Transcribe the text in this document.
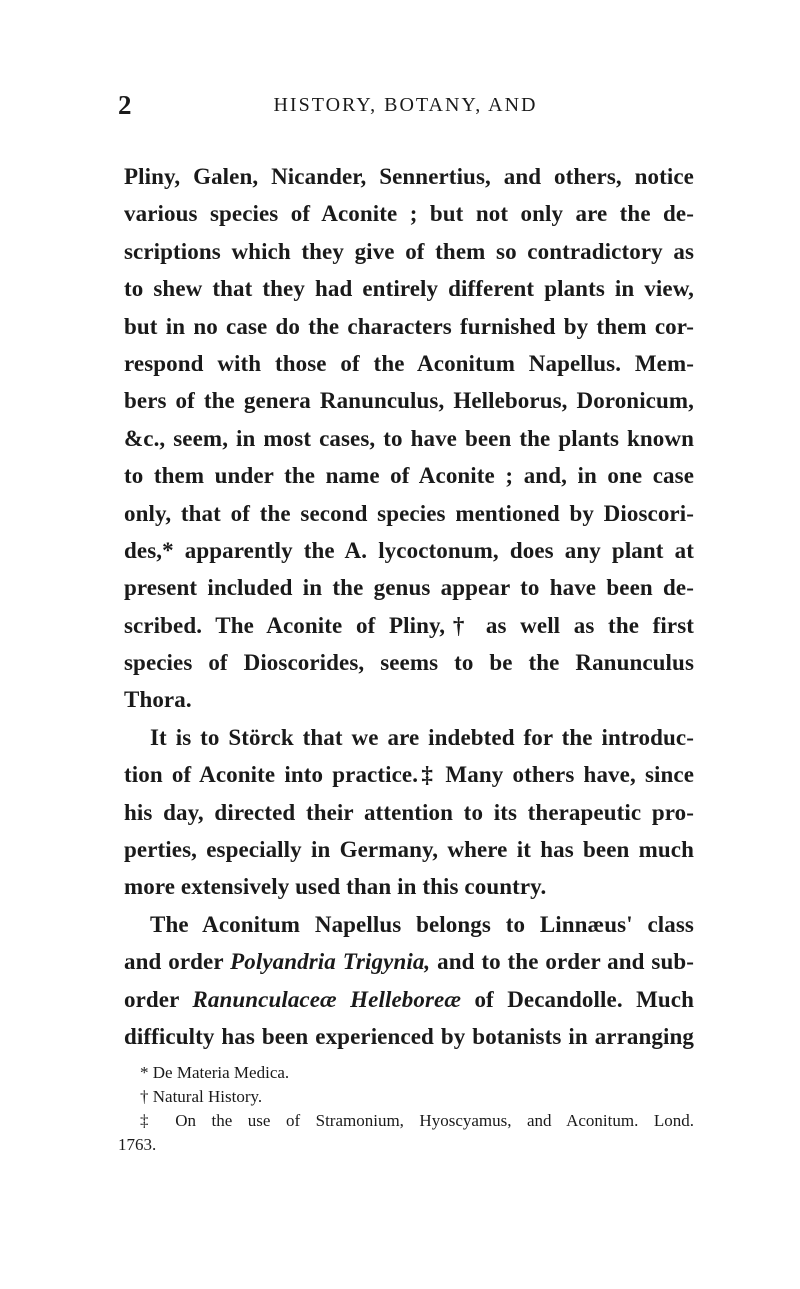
2	HISTORY, BOTANY, AND
Pliny, Galen, Nicander, Sennertius, and others, notice
various species of Aconite ; but not only are the de-
scriptions which they give of them so contradictory as
to shew that they had entirely different plants in view,
but in no case do the characters furnished by them cor-
respond with those of the Aconitum Napellus. Mem-
bers of the genera Ranunculus, Helleborus, Doronicum,
&c., seem, in most cases, to have been the plants known
to them under the name of Aconite ; and, in one case
only, that of the second species mentioned by Dioscori-
des,* apparently the A. lycoctonum, does any plant at
present included in the genus appear to have been de-
scribed. The Aconite of Pliny,† as well as the first
species of Dioscorides, seems to be the Ranunculus
Thora.
It is to Störck that we are indebted for the introduc-
tion of Aconite into practice.‡ Many others have, since
his day, directed their attention to its therapeutic pro-
perties, especially in Germany, where it has been much
more extensively used than in this country.
The Aconitum Napellus belongs to Linnæus' class
and order Polyandria Trigynia, and to the order and sub-
order Ranunculaceæ Helleboreæ of Decandolle. Much
difficulty has been experienced by botanists in arranging
* De Materia Medica.
† Natural History.
‡ On the use of Stramonium, Hyoscyamus, and Aconitum. Lond.
1763.
